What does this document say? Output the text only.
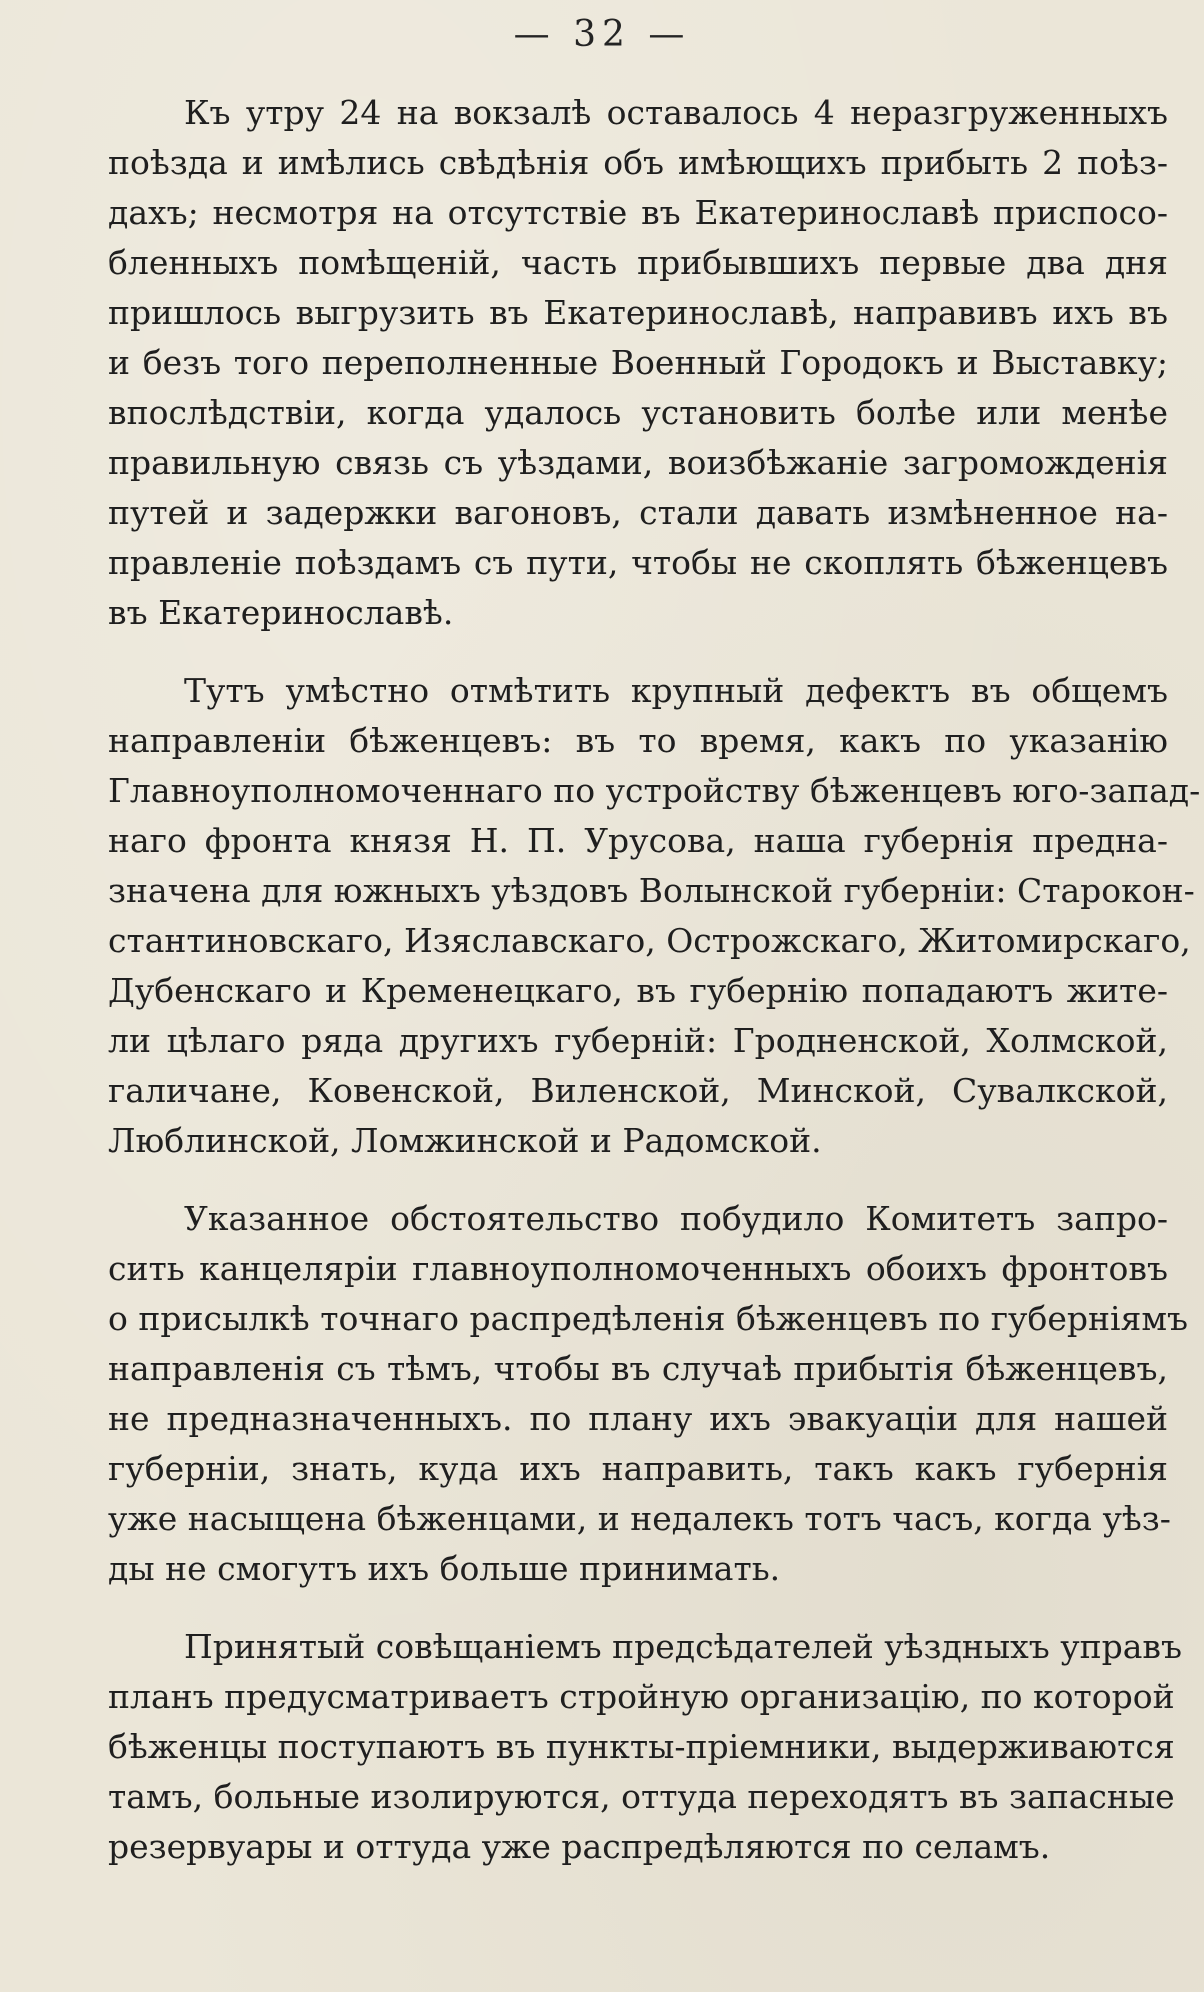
— 32 —
Къ утру 24 на вокзалѣ оставалось 4 неразгруженныхъ
поѣзда и имѣлись свѣдѣнія объ имѣющихъ прибыть 2 поѣз-
дахъ; несмотря на отсутствіе въ Екатеринославѣ приспосо-
бленныхъ помѣщеній, часть прибывшихъ первые два дня
пришлось выгрузить въ Екатеринославѣ, направивъ ихъ въ
и безъ того переполненные Военный Городокъ и Выставку;
впослѣдствіи, когда удалось установить болѣе или менѣе
правильную связь съ уѣздами, воизбѣжаніе загроможденія
путей и задержки вагоновъ, стали давать измѣненное на-
правленіе поѣздамъ съ пути, чтобы не скоплять бѣженцевъ
въ Екатеринославѣ.
Тутъ умѣстно отмѣтить крупный дефектъ въ общемъ
направленіи бѣженцевъ: въ то время, какъ по указанію
Главноуполномоченнаго по устройству бѣженцевъ юго-запад-
наго фронта князя Н. П. Урусова, наша губернія предна-
значена для южныхъ уѣздовъ Волынской губерніи: Старокон-
стантиновскаго, Изяславскаго, Острожскаго, Житомирскаго,
Дубенскаго и Кременецкаго, въ губернію попадаютъ жите-
ли цѣлаго ряда другихъ губерній: Гродненской, Холмской,
галичане, Ковенской, Виленской, Минской, Сувалкской,
Люблинской, Ломжинской и Радомской.
Указанное обстоятельство побудило Комитетъ запро-
сить канцеляріи главноуполномоченныхъ обоихъ фронтовъ
о присылкѣ точнаго распредѣленія бѣженцевъ по губерніямъ
направленія съ тѣмъ, чтобы въ случаѣ прибытія бѣженцевъ,
не предназначенныхъ. по плану ихъ эвакуаціи для нашей
губерніи, знать, куда ихъ направить, такъ какъ губернія
уже насыщена бѣженцами, и недалекъ тотъ часъ, когда уѣз-
ды не смогутъ ихъ больше принимать.
Принятый совѣщаніемъ предсѣдателей уѣздныхъ управъ
планъ предусматриваетъ стройную организацію, по которой
бѣженцы поступаютъ въ пункты-пріемники, выдерживаются
тамъ, больные изолируются, оттуда переходятъ въ запасные
резервуары и оттуда уже распредѣляются по селамъ.
